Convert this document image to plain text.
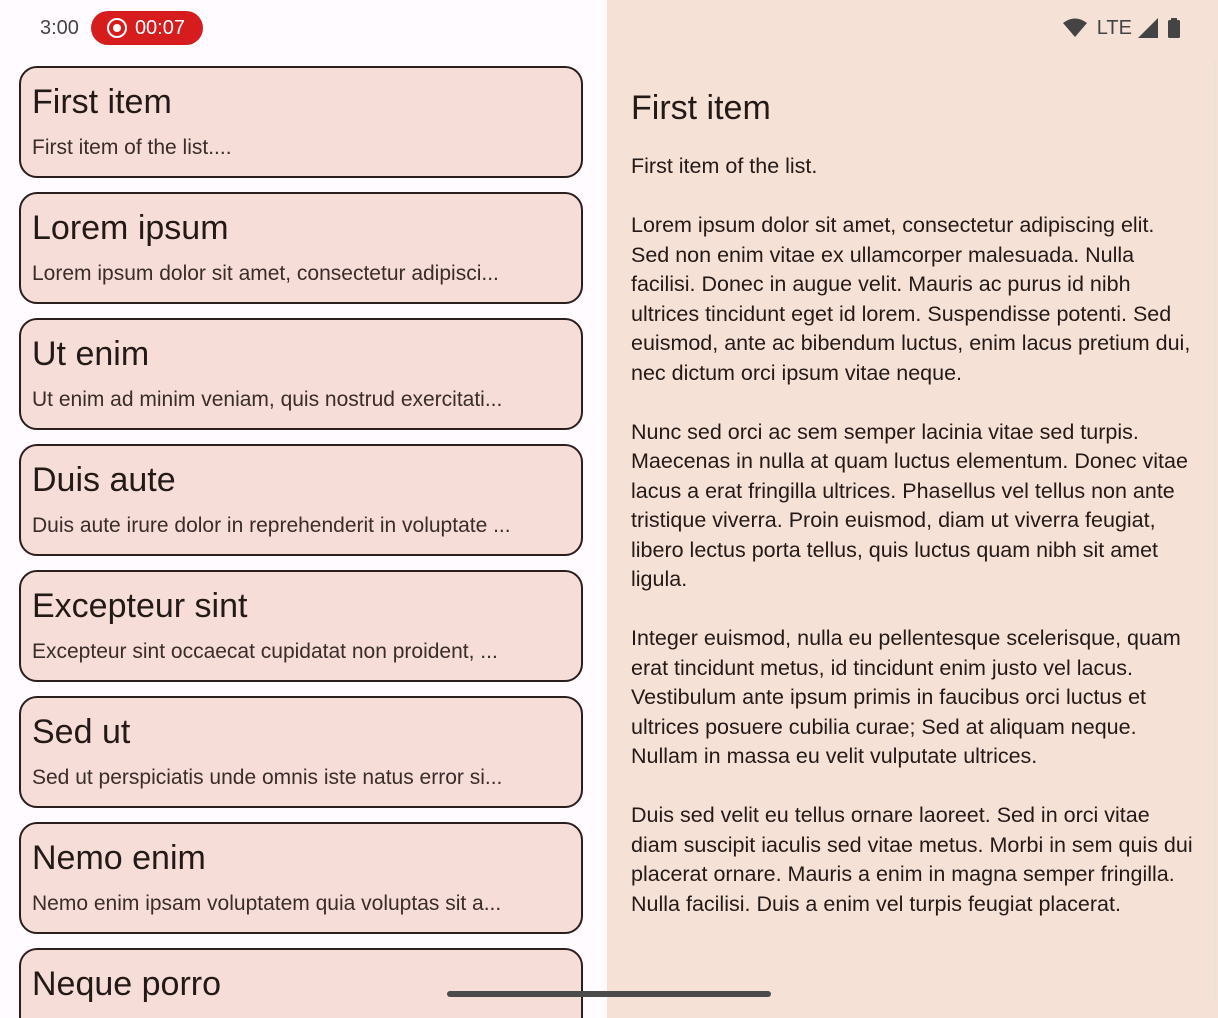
3:00	00:07
First item
First item of the list....
Lorem ipsum
Lorem ipsum dolor sit amet, consectetur adipisci...
Ut enim
Ut enim ad minim veniam, quis nostrud exercitati...
Duis aute
Duis aute irure dolor in reprehenderit in voluptate ...
Excepteur sint
Excepteur sint occaecat cupidatat non proident, ...
Sed ut
Sed ut perspiciatis unde omnis iste natus error si...
Nemo enim
Nemo enim ipsam voluptatem quia voluptas sit a...
Neque porro
LTE
First item

First item of the list.

Lorem ipsum dolor sit amet, consectetur adipiscing elit. Sed non enim vitae ex ullamcorper malesuada. Nulla facilisi. Donec in augue velit. Mauris ac purus id nibh ultrices tincidunt eget id lorem. Suspendisse potenti. Sed euismod, ante ac bibendum luctus, enim lacus pretium dui, nec dictum orci ipsum vitae neque.

Nunc sed orci ac sem semper lacinia vitae sed turpis. Maecenas in nulla at quam luctus elementum. Donec vitae lacus a erat fringilla ultrices. Phasellus vel tellus non ante tristique viverra. Proin euismod, diam ut viverra feugiat, libero lectus porta tellus, quis luctus quam nibh sit amet ligula.

Integer euismod, nulla eu pellentesque scelerisque, quam erat tincidunt metus, id tincidunt enim justo vel lacus. Vestibulum ante ipsum primis in faucibus orci luctus et ultrices posuere cubilia curae; Sed at aliquam neque. Nullam in massa eu velit vulputate ultrices.

Duis sed velit eu tellus ornare laoreet. Sed in orci vitae diam suscipit iaculis sed vitae metus. Morbi in sem quis dui placerat ornare. Mauris a enim in magna semper fringilla. Nulla facilisi. Duis a enim vel turpis feugiat placerat.
